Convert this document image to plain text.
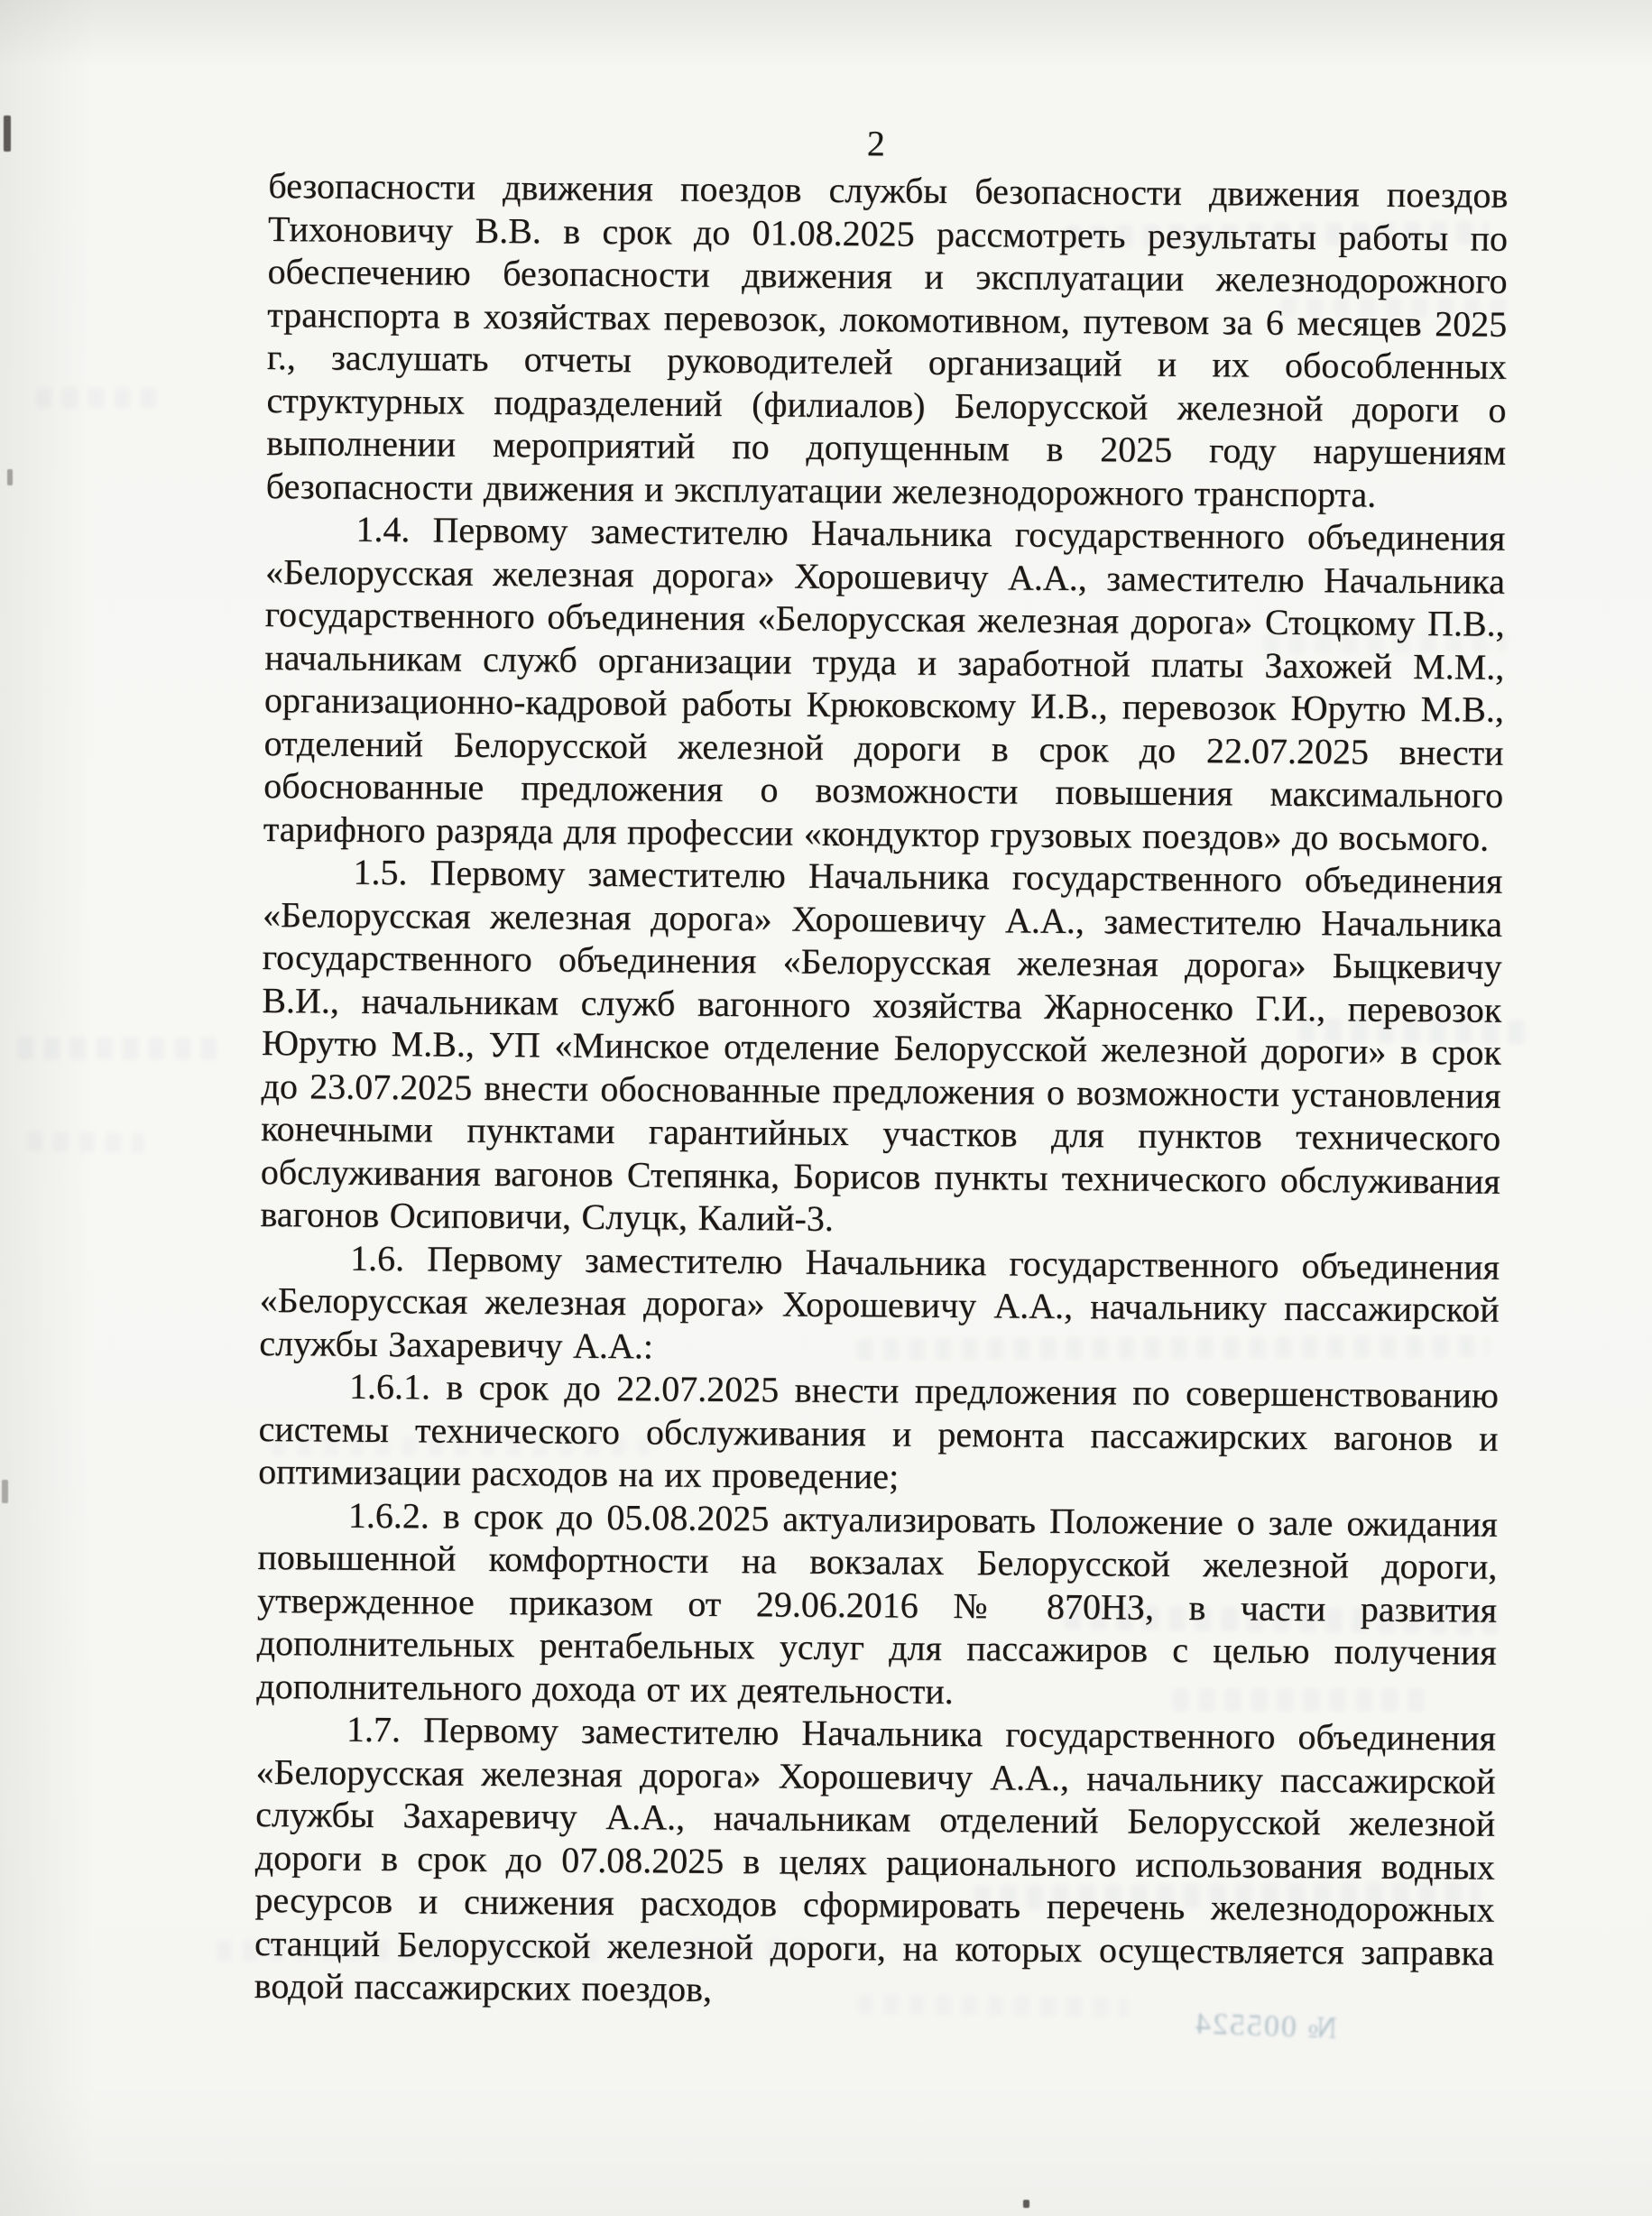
№ 005524
2

безопасности движения поездов службы безопасности движения поездов Тихоновичу В.В. в срок до 01.08.2025 рассмотреть результаты работы по обеспечению безопасности движения и эксплуатации железнодорожного транспорта в хозяйствах перевозок, локомотивном, путевом за 6 месяцев 2025 г., заслушать отчеты руководителей организаций и их обособленных структурных подразделений (филиалов) Белорусской железной дороги о выполнении мероприятий по допущенным в 2025 году нарушениям безопасности движения и эксплуатации железнодорожного транспорта.

1.4. Первому заместителю Начальника государственного объединения «Белорусская железная дорога» Хорошевичу А.А., заместителю Начальника государственного объединения «Белорусская железная дорога» Стоцкому П.В., начальникам служб организации труда и заработной платы Захожей М.М., организационно-кадровой работы Крюковскому И.В., перевозок Юрутю М.В., отделений Белорусской железной дороги в срок до 22.07.2025 внести обоснованные предложения о возможности повышения максимального тарифного разряда для профессии «кондуктор грузовых поездов» до восьмого.

1.5. Первому заместителю Начальника государственного объединения «Белорусская железная дорога» Хорошевичу А.А., заместителю Начальника государственного объединения «Белорусская железная дорога» Быцкевичу В.И., начальникам служб вагонного хозяйства Жарносенко Г.И., перевозок Юрутю М.В., УП «Минское отделение Белорусской железной дороги» в срок до 23.07.2025 внести обоснованные предложения о возможности установления конечными пунктами гарантийных участков для пунктов технического обслуживания вагонов Степянка, Борисов пункты технического обслуживания вагонов Осиповичи, Слуцк, Калий-3.

1.6. Первому заместителю Начальника государственного объединения «Белорусская железная дорога» Хорошевичу А.А., начальнику пассажирской службы Захаревичу А.А.:

1.6.1. в срок до 22.07.2025 внести предложения по совершенствованию системы технического обслуживания и ремонта пассажирских вагонов и оптимизации расходов на их проведение;

1.6.2. в срок до 05.08.2025 актуализировать Положение о зале ожидания повышенной комфортности на вокзалах Белорусской железной дороги, утвержденное приказом от 29.06.2016 № 870НЗ, в части развития дополнительных рентабельных услуг для пассажиров с целью получения дополнительного дохода от их деятельности.

1.7. Первому заместителю Начальника государственного объединения «Белорусская железная дорога» Хорошевичу А.А., начальнику пассажирской службы Захаревичу А.А., начальникам отделений Белорусской железной дороги в срок до 07.08.2025 в целях рационального использования водных ресурсов и снижения расходов сформировать перечень железнодорожных станций Белорусской железной дороги, на которых осуществляется заправка водой пассажирских поездов,
